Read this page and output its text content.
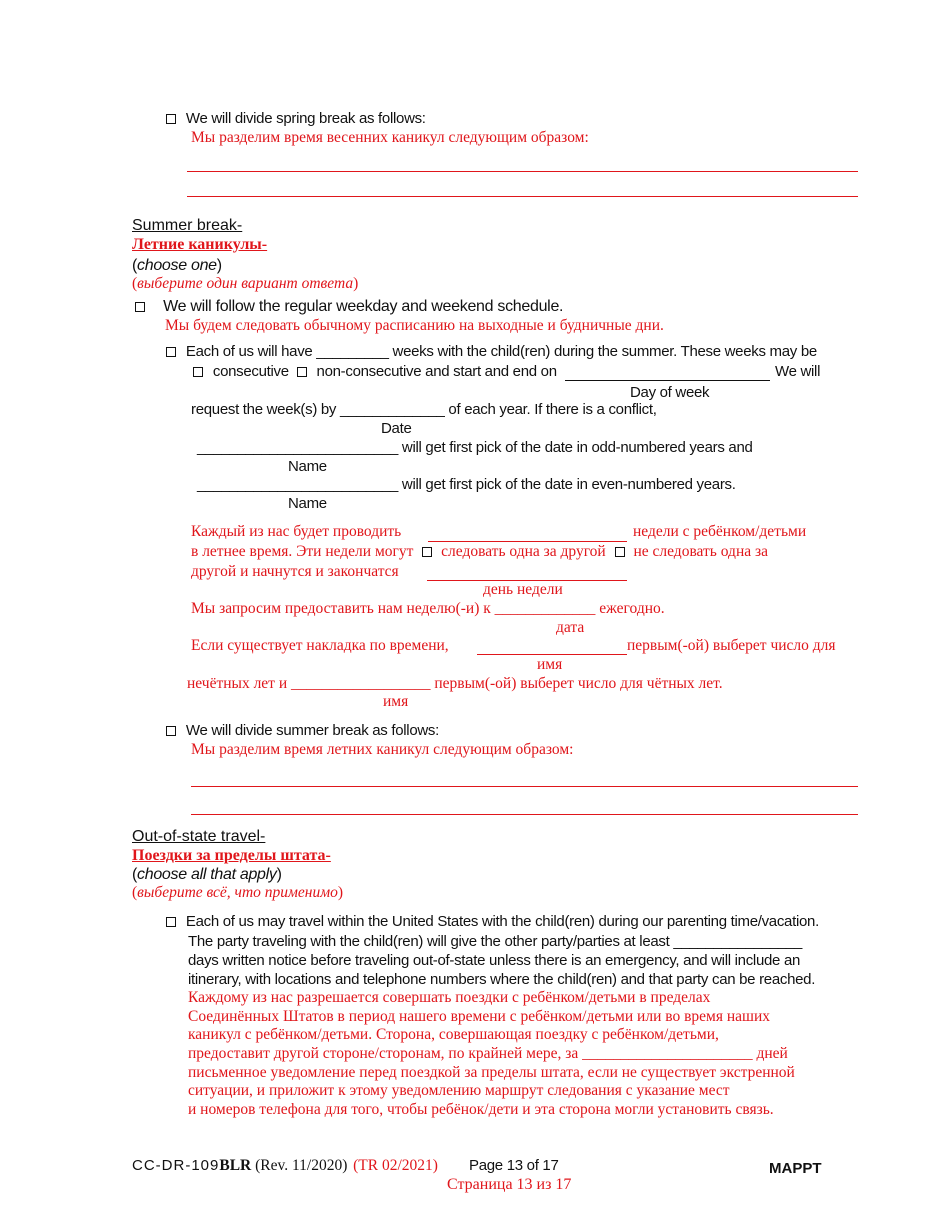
We will divide spring break as follows:
Мы разделим время весенних каникул следующим образом:
Summer break-
Летние каникулы-
(choose one)
(выберите один вариант ответа)
We will follow the regular weekday and weekend schedule.
Мы будем следовать обычному расписанию на выходные и будничные дни.
Each of us will have _________ weeks with the child(ren) during the summer. These weeks may be
consecutive non-consecutive and start and end on	We will
Day of week
request the week(s) by _____________ of each year. If there is a conflict,
Date
_________________________ will get first pick of the date in odd-numbered years and
Name
_________________________ will get first pick of the date in even-numbered years.
Name
Каждый из нас будет проводить	недели с ребёнком/детьми
в летнее время. Эти недели могут следовать одна за другой не следовать одна за
другой и начнутся и закончатся
день недели
Мы запросим предоставить нам неделю(-и) к _____________ ежегодно.
дата
Если существует накладка по времени,	первым(-ой) выберет число для
имя
нечётных лет и __________________ первым(-ой) выберет число для чётных лет.
имя
We will divide summer break as follows:
Мы разделим время летних каникул следующим образом:
Out-of-state travel-
Поездки за пределы штата-
(choose all that apply)
(выберите всё, что применимо)
Each of us may travel within the United States with the child(ren) during our parenting time/vacation.
The party traveling with the child(ren) will give the other party/parties at least ________________
days written notice before traveling out-of-state unless there is an emergency, and will include an
itinerary, with locations and telephone numbers where the child(ren) and that party can be reached.
Каждому из нас разрешается совершать поездки с ребёнком/детьми в пределах
Соединённых Штатов в период нашего времени с ребёнком/детьми или во время наших
каникул с ребёнком/детьми. Сторона, совершающая поездку с ребёнком/детьми,
предоставит другой стороне/сторонам, по крайней мере, за ______________________ дней
письменное уведомление перед поездкой за пределы штата, если не существует экстренной
ситуации, и приложит к этому уведомлению маршрут следования с указание мест
и номеров телефона для того, чтобы ребёнок/дети и эта сторона могли установить связь.
CC-DR-109BLR (Rev. 11/2020) (TR 02/2021) Page 13 of 17
Страница 13 из 17
MAPPT
